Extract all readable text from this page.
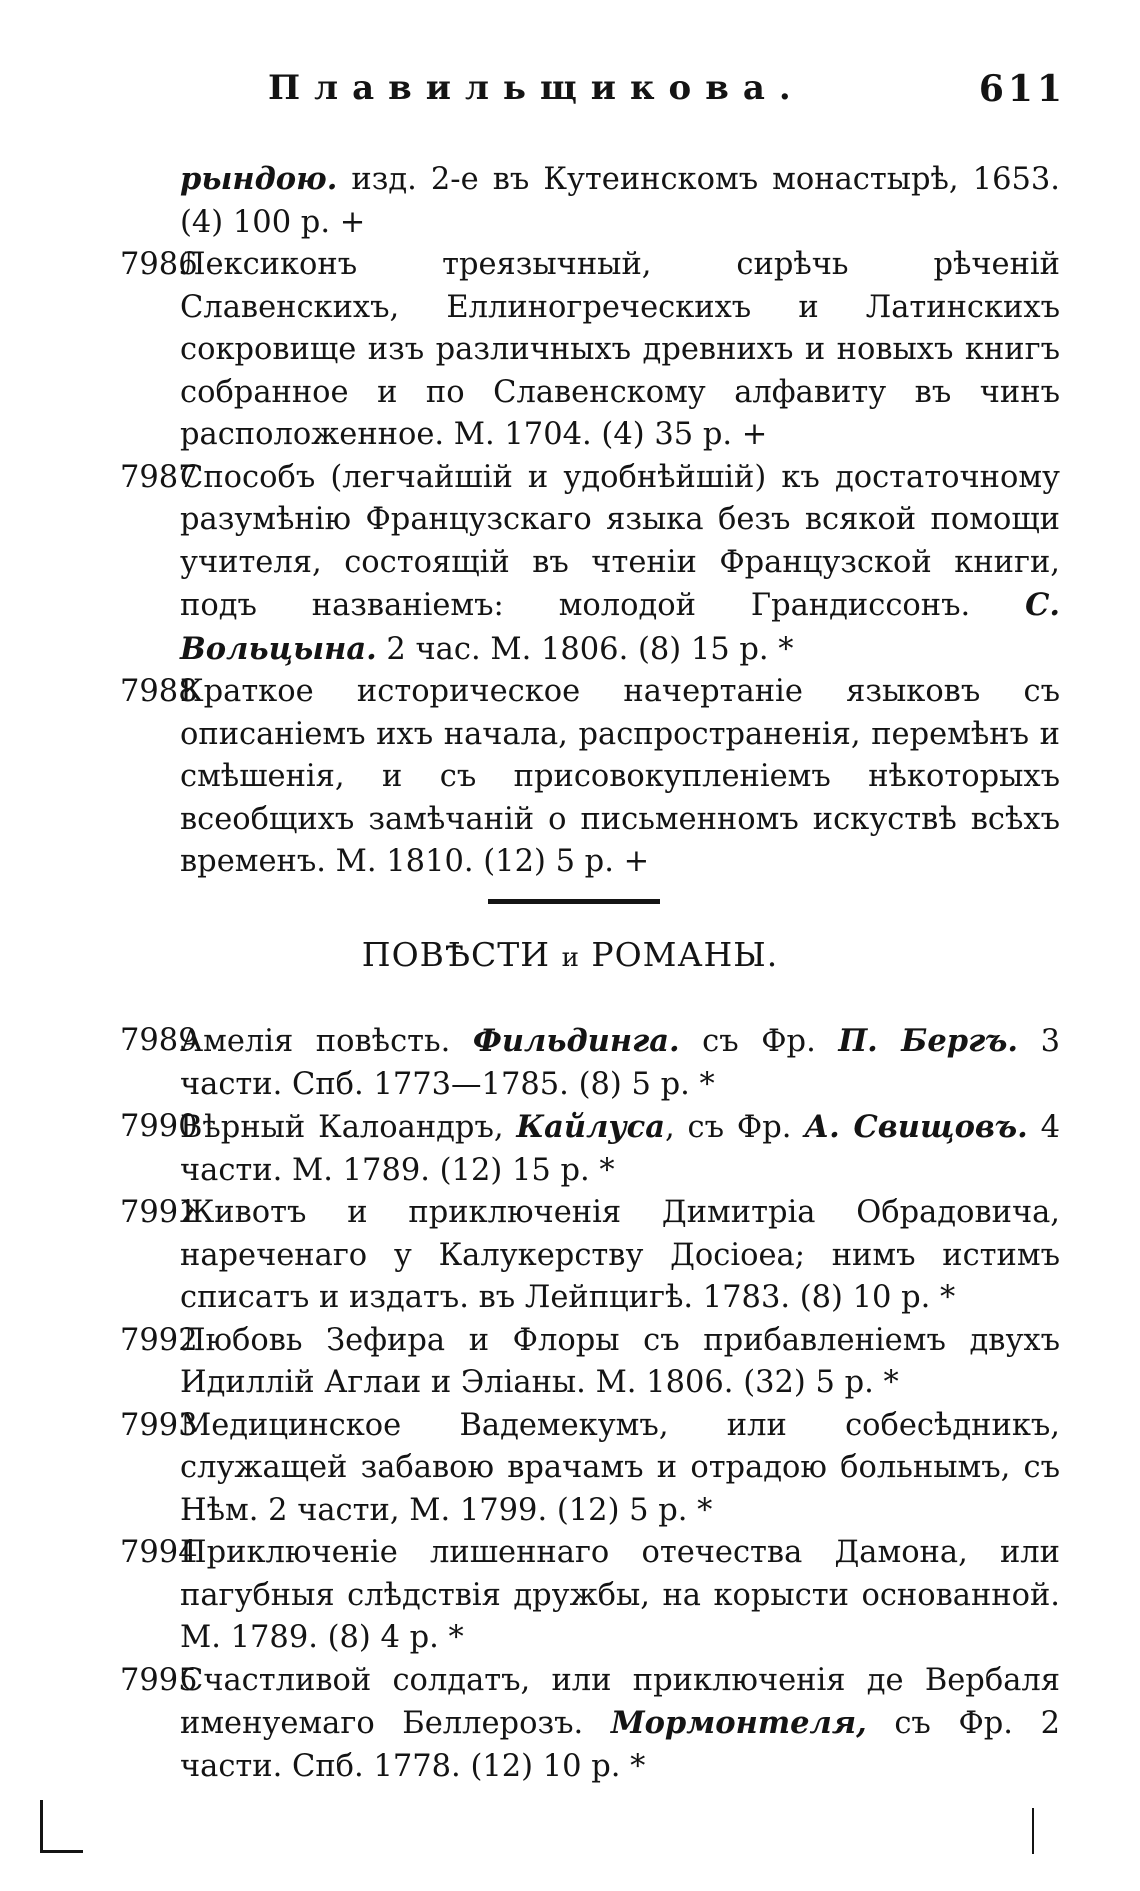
Плавильщикова.	611
рындою. изд. 2-е въ Кутеинскомъ монастырѣ, 1653. (4) 100 р. +
7986
Лексиконъ треязычный, сирѣчь рѣченій Славенскихъ, Еллиногреческихъ и Латинскихъ сокровище изъ различныхъ древнихъ и новыхъ книгъ собранное и по Славенскому алфавиту въ чинъ расположенное. М. 1704. (4) 35 р. +
7987
Способъ (легчайшій и удобнѣйшій) къ достаточному разумѣнію Французскаго языка безъ всякой помощи учителя, состоящій въ чтеніи Французской книги, подъ названіемъ: молодой Грандиссонъ. С. Вольцына. 2 час. М. 1806. (8) 15 р. *
7988
Краткое историческое начертаніе языковъ съ описаніемъ ихъ начала, распространенія, перемѣнъ и смѣшенія, и съ присовокупленіемъ нѣкоторыхъ всеобщихъ замѣчаній о письменномъ искуствѣ всѣхъ временъ. М. 1810. (12) 5 р. +
ПОВѢСТИ и РОМАНЫ.
7989
Амелія повѣсть. Фильдинга. съ Фр. П. Бергъ. 3 части. Спб. 1773—1785. (8) 5 р. *
7990
Вѣрный Калоандръ, Кайлуса, съ Фр. А. Свищовъ. 4 части. М. 1789. (12) 15 р. *
7991
Животъ и приключенія Димитріа Обрадовича, нареченаго у Калукерству Досіоеа; нимъ истимъ списатъ и издатъ. въ Лейпцигѣ. 1783. (8) 10 р. *
7992
Любовь Зефира и Флоры съ прибавленіемъ двухъ Идиллій Аглаи и Эліаны. М. 1806. (32) 5 р. *
7993
Медицинское Вадемекумъ, или собесѣдникъ, служащей забавою врачамъ и отрадою больнымъ, съ Нѣм. 2 части, М. 1799. (12) 5 р. *
7994
Приключеніе лишеннаго отечества Дамона, или пагубныя слѣдствія дружбы, на корысти основанной. М. 1789. (8) 4 р. *
7995
Счастливой солдатъ, или приключенія де Вербаля именуемаго Беллерозъ. Мормонтеля, съ Фр. 2 части. Спб. 1778. (12) 10 р. *
